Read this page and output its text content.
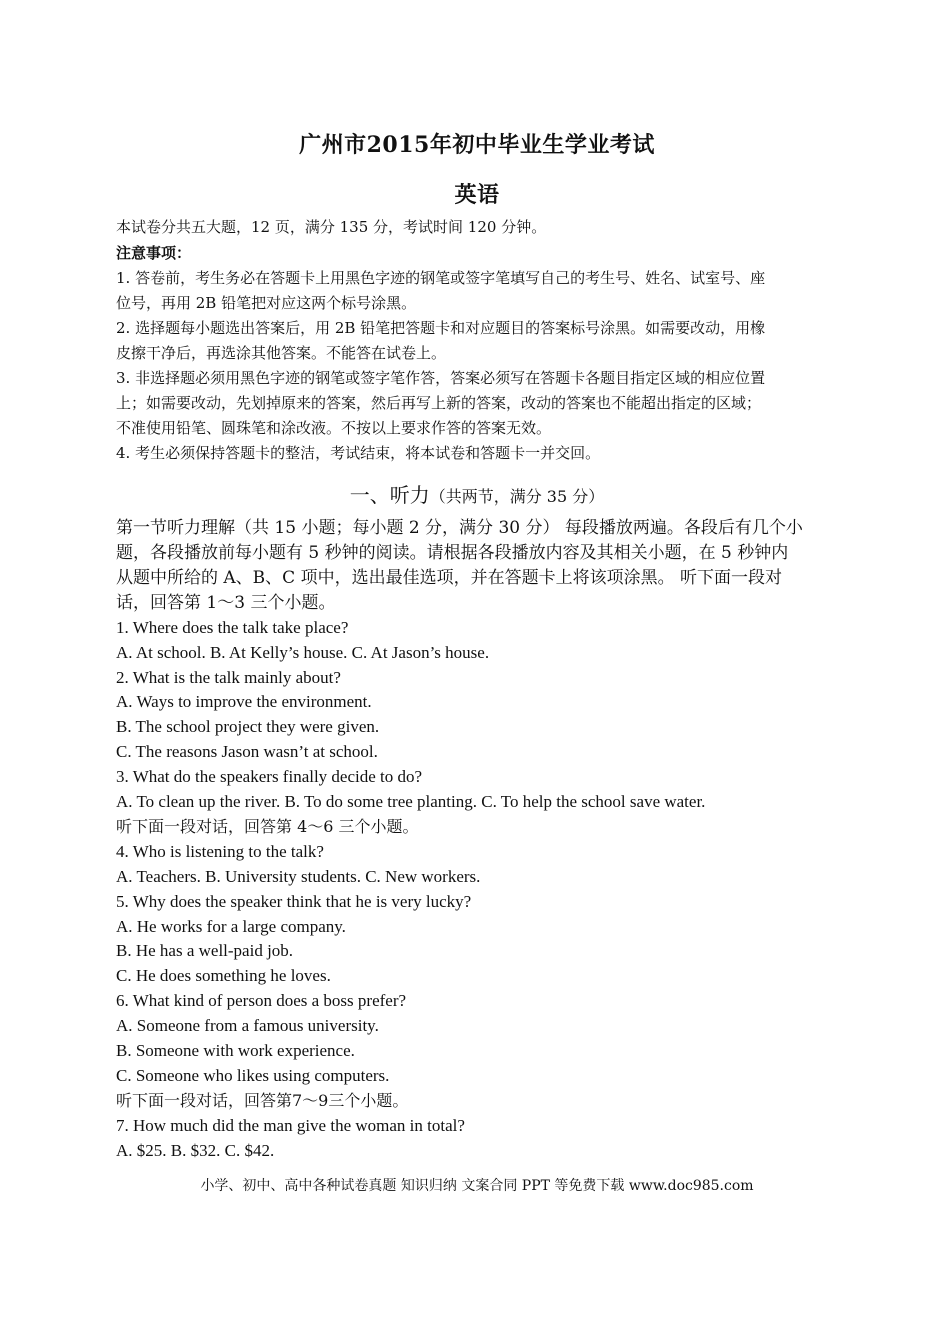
广州市2015年初中毕业生学业考试
英语
本试卷分共五大题，12 页，满分 135 分，考试时间 120 分钟。
注意事项：
1. 答卷前，考生务必在答题卡上用黑色字迹的钢笔或签字笔填写自己的考生号、姓名、试室号、座
位号，再用 2B 铅笔把对应这两个标号涂黑。
2. 选择题每小题选出答案后，用 2B 铅笔把答题卡和对应题目的答案标号涂黑。如需要改动，用橡
皮擦干净后，再选涂其他答案。不能答在试卷上。
3. 非选择题必须用黑色字迹的钢笔或签字笔作答，答案必须写在答题卡各题目指定区域的相应位置
上；如需要改动，先划掉原来的答案，然后再写上新的答案，改动的答案也不能超出指定的区域；
不准使用铅笔、圆珠笔和涂改液。不按以上要求作答的答案无效。
4. 考生必须保持答题卡的整洁，考试结束，将本试卷和答题卡一并交回。
一、听力（共两节，满分 35 分）
第一节听力理解（共 15 小题；每小题 2 分，满分 30 分） 每段播放两遍。各段后有几个小
题，各段播放前每小题有 5 秒钟的阅读。请根据各段播放内容及其相关小题，在 5 秒钟内
从题中所给的 A、B、C 项中，选出最佳选项，并在答题卡上将该项涂黑。 听下面一段对
话，回答第 1～3 三个小题。
1. Where does the talk take place?
A. At school. B. At Kelly’s house. C. At Jason’s house.
2. What is the talk mainly about?
A. Ways to improve the environment.
B. The school project they were given.
C. The reasons Jason wasn’t at school.
3. What do the speakers finally decide to do?
A. To clean up the river. B. To do some tree planting. C. To help the school save water.
听下面一段对话，回答第 4～6 三个小题。
4. Who is listening to the talk?
A. Teachers. B. University students. C. New workers.
5. Why does the speaker think that he is very lucky?
A. He works for a large company.
B. He has a well-paid job.
C. He does something he loves.
6. What kind of person does a boss prefer?
A. Someone from a famous university.
B. Someone with work experience.
C. Someone who likes using computers.
听下面一段对话，回答第7～9三个小题。
7. How much did the man give the woman in total?
A. $25. B. $32. C. $42.
小学、初中、高中各种试卷真题 知识归纳 文案合同 PPT 等免费下载 www.doc985.com
